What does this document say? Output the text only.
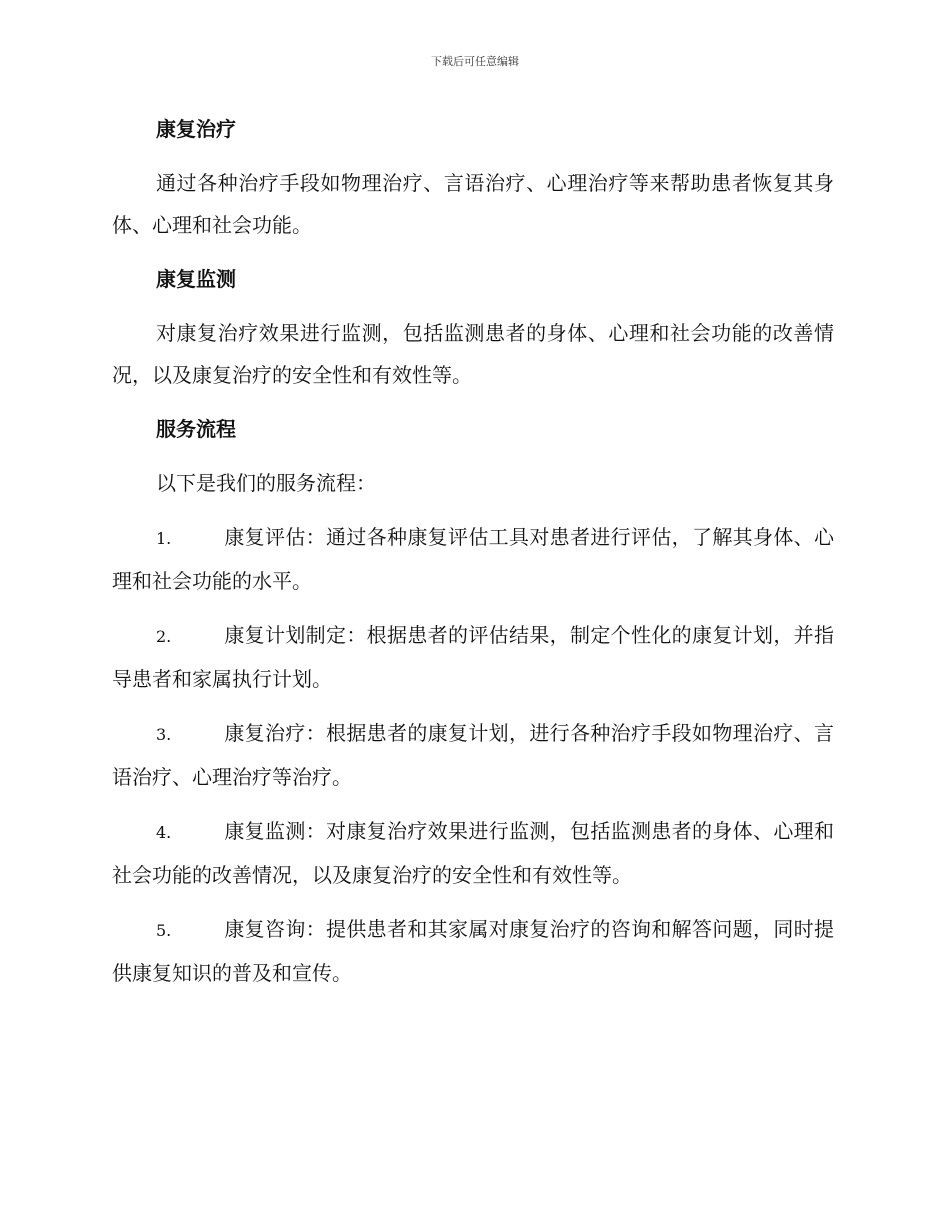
下载后可任意编辑

康复治疗

通过各种治疗手段如物理治疗、言语治疗、心理治疗等来帮助患者恢复其身体、心理和社会功能。

康复监测

对康复治疗效果进行监测，包括监测患者的身体、心理和社会功能的改善情况，以及康复治疗的安全性和有效性等。

服务流程

以下是我们的服务流程：

1.	康复评估：通过各种康复评估工具对患者进行评估，了解其身体、心理和社会功能的水平。

2.	康复计划制定：根据患者的评估结果，制定个性化的康复计划，并指导患者和家属执行计划。

3.	康复治疗：根据患者的康复计划，进行各种治疗手段如物理治疗、言语治疗、心理治疗等治疗。

4.	康复监测：对康复治疗效果进行监测，包括监测患者的身体、心理和社会功能的改善情况，以及康复治疗的安全性和有效性等。

5.	康复咨询：提供患者和其家属对康复治疗的咨询和解答问题，同时提供康复知识的普及和宣传。
